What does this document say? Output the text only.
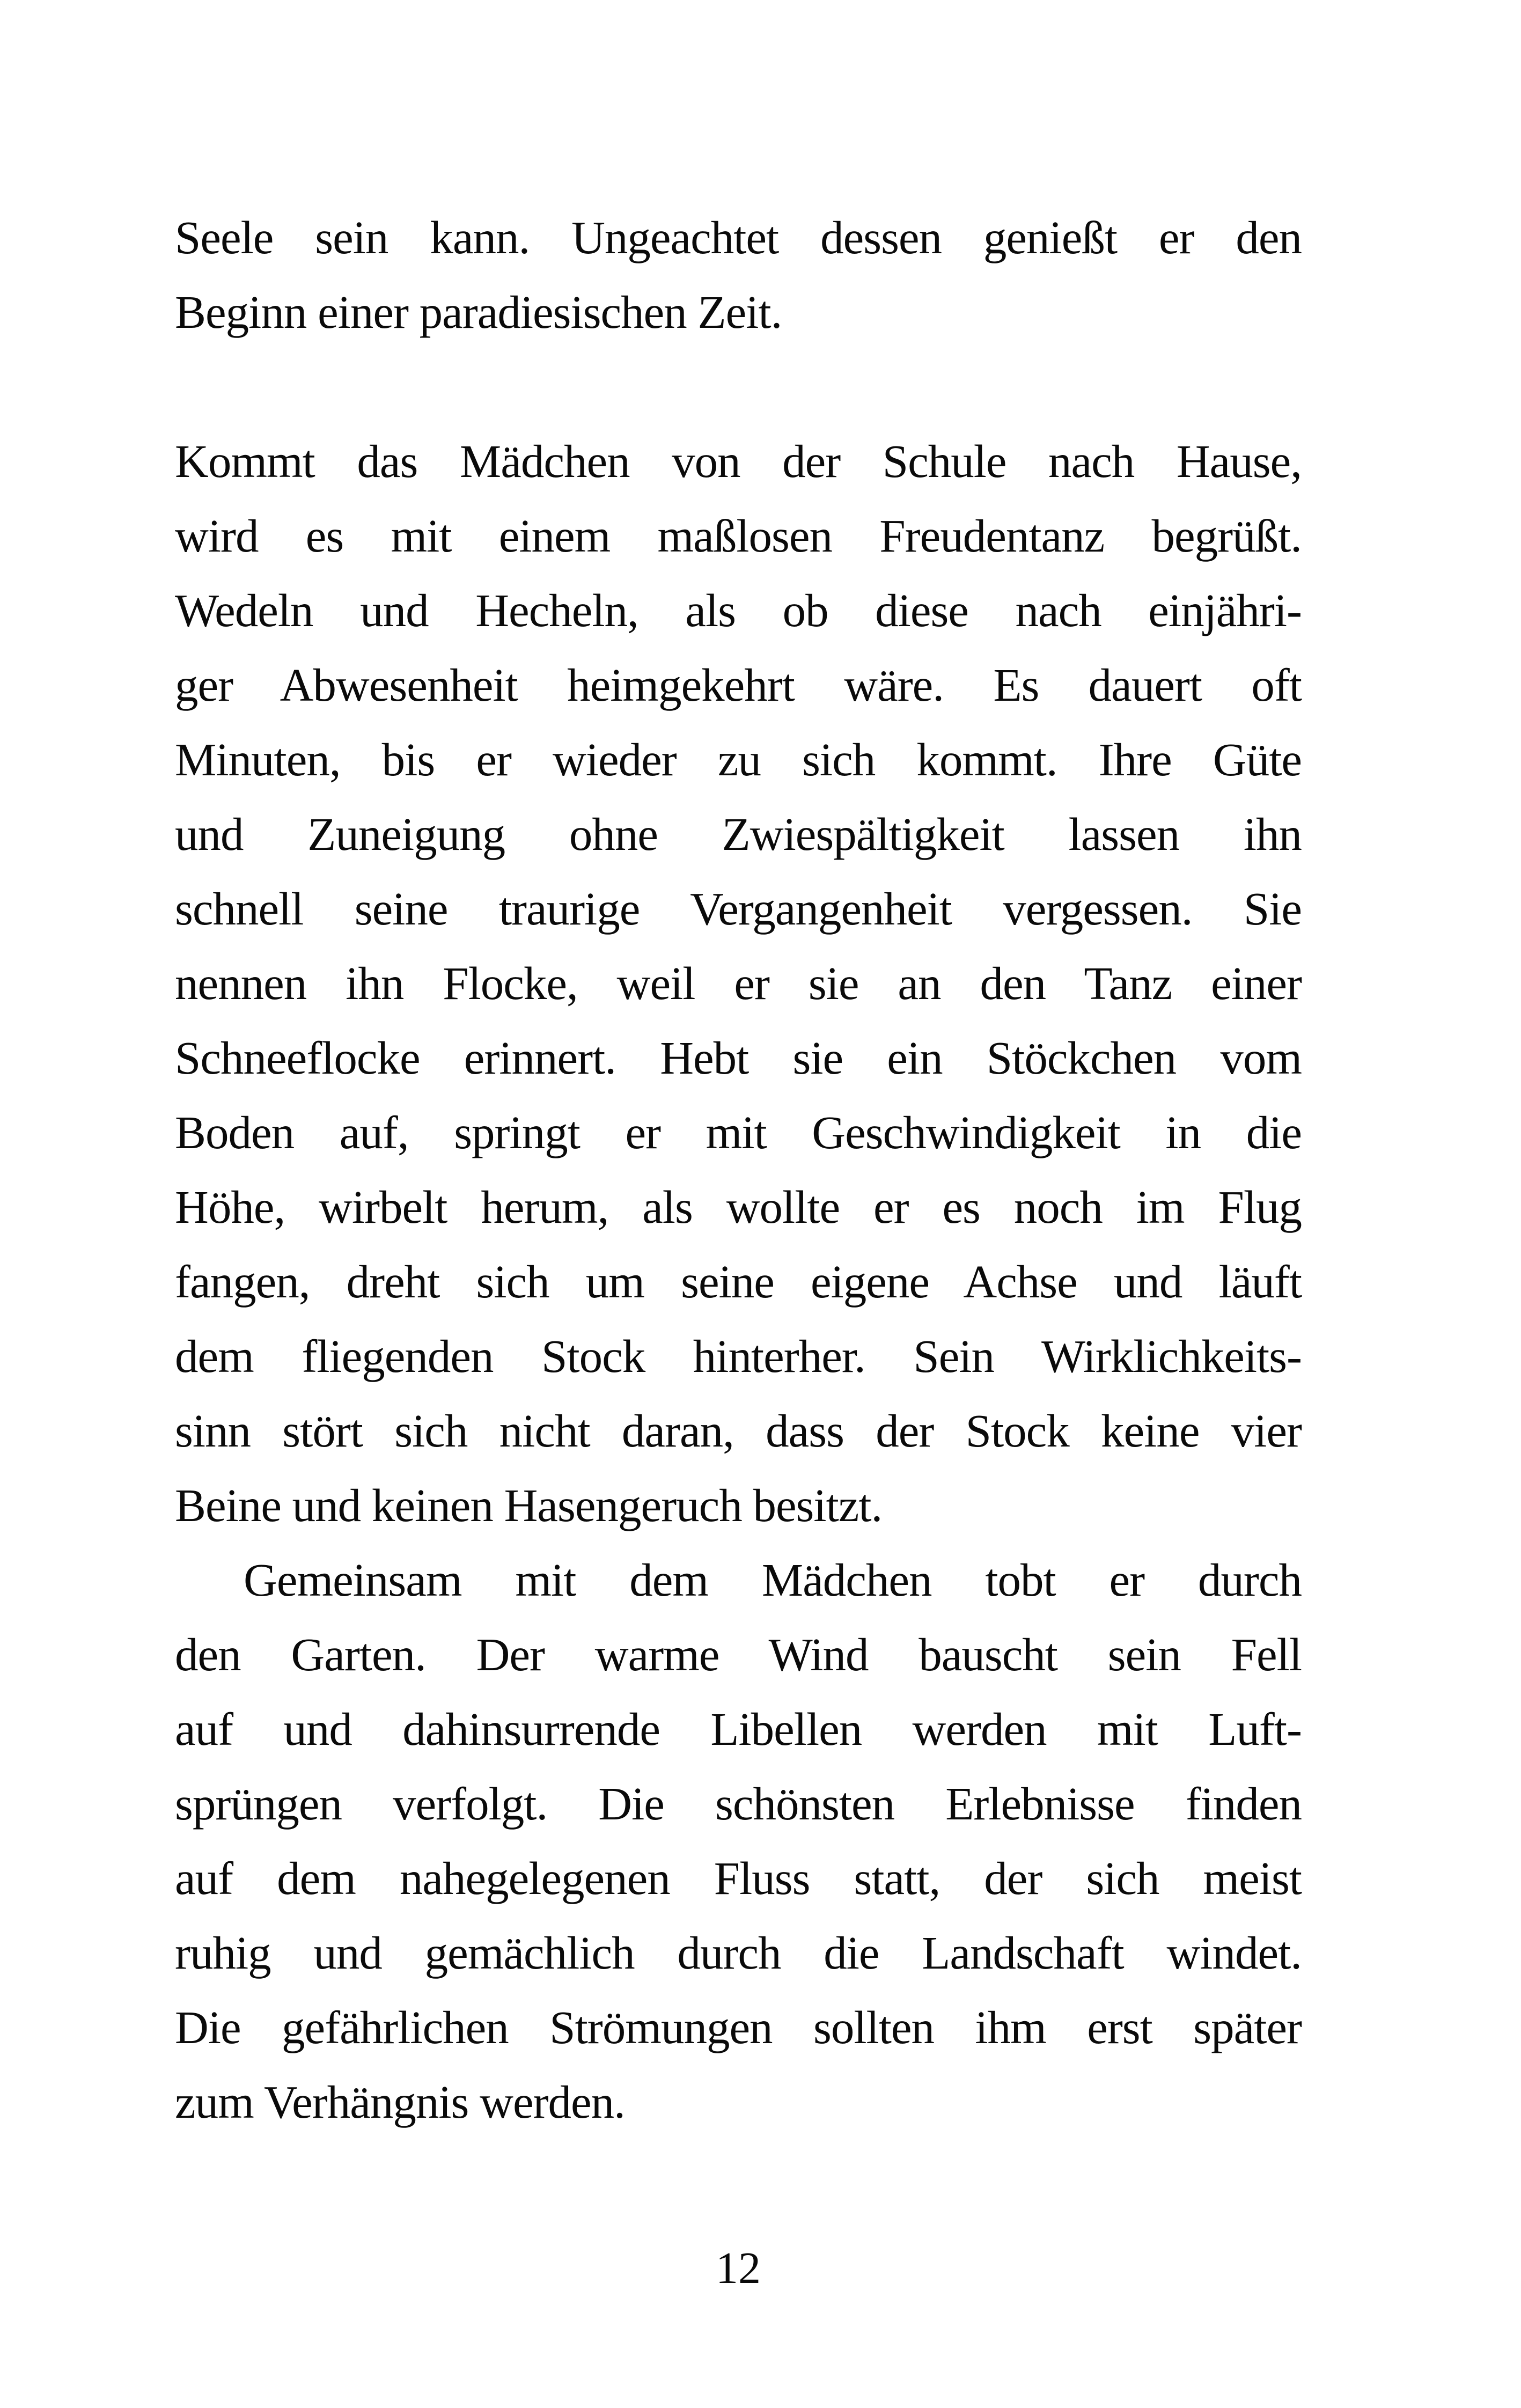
Seele sein kann. Ungeachtet dessen genießt er den
Beginn einer paradiesischen Zeit.
Kommt das Mädchen von der Schule nach Hause,
wird es mit einem maßlosen Freudentanz begrüßt.
Wedeln und Hecheln, als ob diese nach einjähri-
ger Abwesenheit heimgekehrt wäre. Es dauert oft
Minuten, bis er wieder zu sich kommt. Ihre Güte
und Zuneigung ohne Zwiespältigkeit lassen ihn
schnell seine traurige Vergangenheit vergessen. Sie
nennen ihn Flocke, weil er sie an den Tanz einer
Schneeflocke erinnert. Hebt sie ein Stöckchen vom
Boden auf, springt er mit Geschwindigkeit in die
Höhe, wirbelt herum, als wollte er es noch im Flug
fangen, dreht sich um seine eigene Achse und läuft
dem fliegenden Stock hinterher. Sein Wirklichkeits-
sinn stört sich nicht daran, dass der Stock keine vier
Beine und keinen Hasengeruch besitzt.
Gemeinsam mit dem Mädchen tobt er durch
den Garten. Der warme Wind bauscht sein Fell
auf und dahinsurrende Libellen werden mit Luft-
sprüngen verfolgt. Die schönsten Erlebnisse finden
auf dem nahegelegenen Fluss statt, der sich meist
ruhig und gemächlich durch die Landschaft windet.
Die gefährlichen Strömungen sollten ihm erst später
zum Verhängnis werden.
12
